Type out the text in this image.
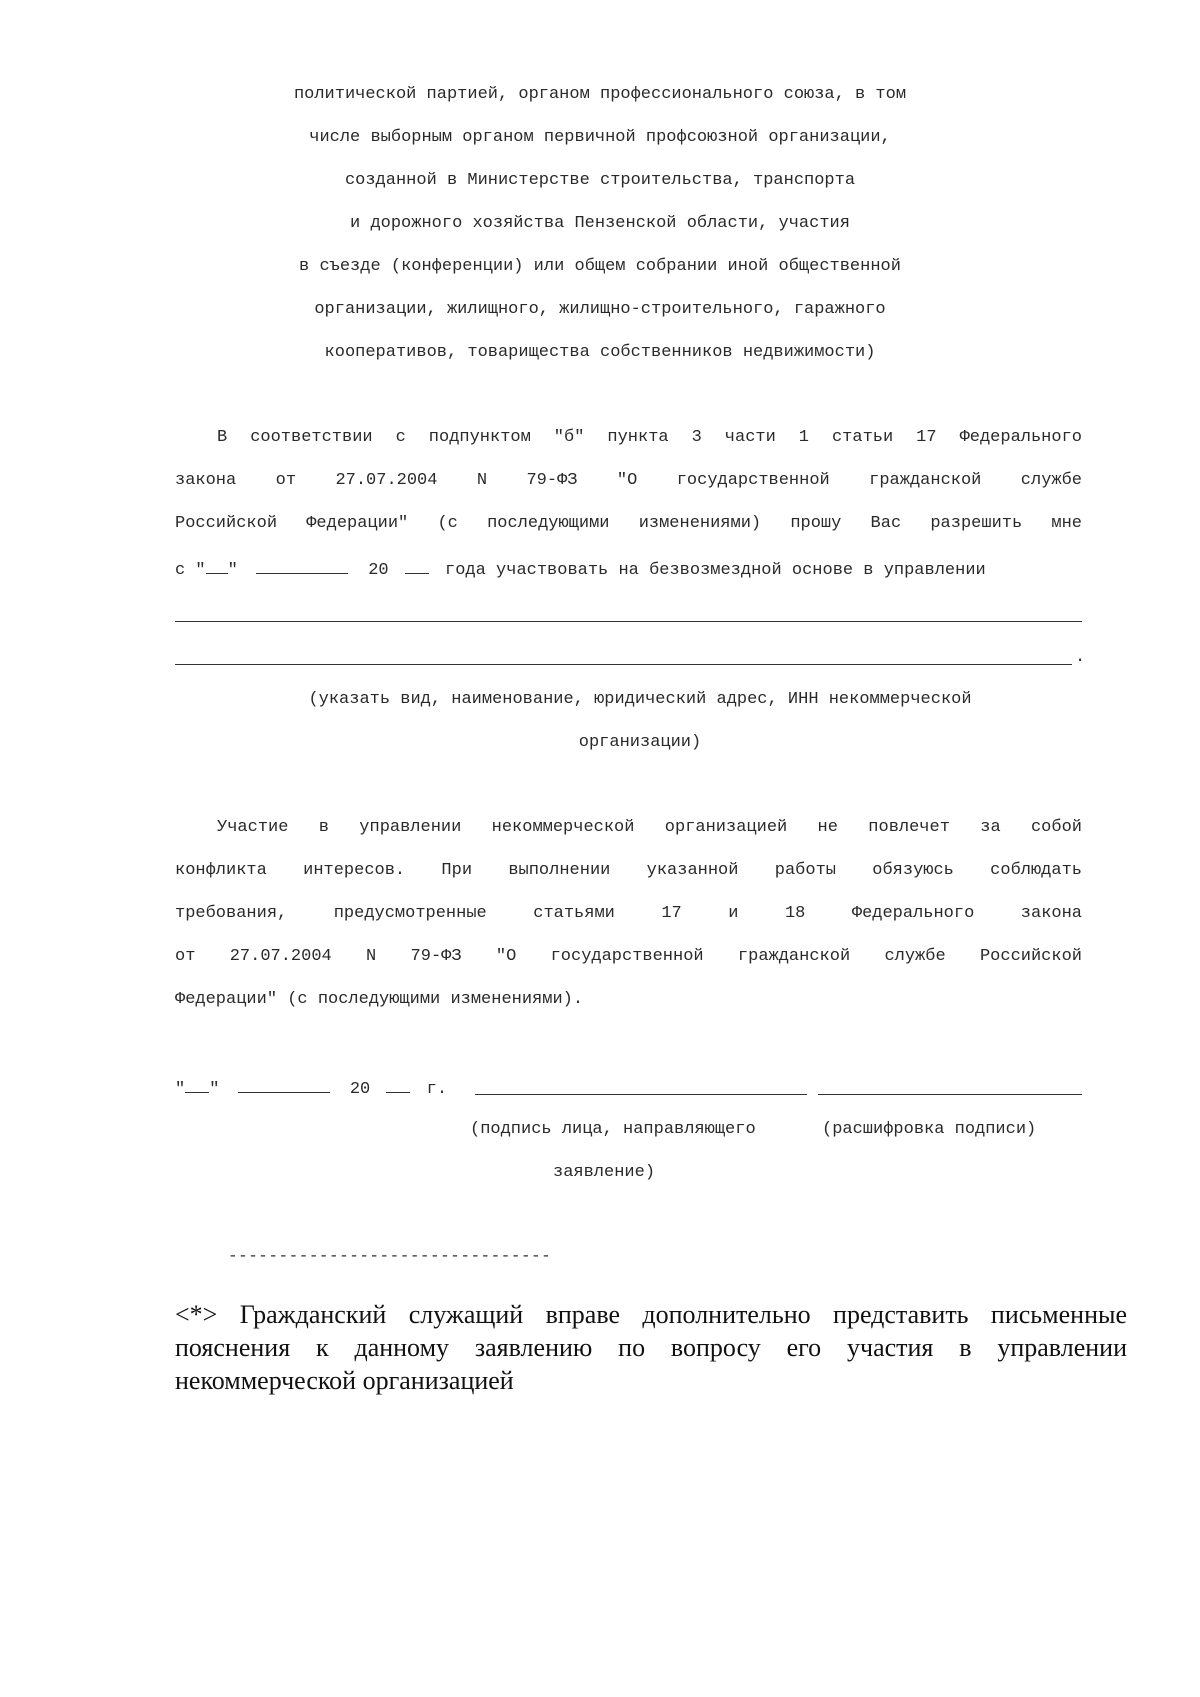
политической партией, органом профессионального союза, в том
числе выборным органом первичной профсоюзной организации,
созданной в Министерстве строительства, транспорта
и дорожного хозяйства Пензенской области, участия
в съезде (конференции) или общем собрании иной общественной
организации, жилищного, жилищно-строительного, гаражного
кооперативов, товарищества собственников недвижимости)
В соответствии с подпунктом "б" пункта 3 части 1 статьи 17 Федерального
закона от 27.07.2004 N 79-ФЗ "О государственной гражданской службе
Российской Федерации" (с последующими изменениями) прошу Вас разрешить мне
с " "	20	года участвовать на безвозмездной основе в управлении
.
(указать вид, наименование, юридический адрес, ИНН некоммерческой
организации)
Участие в управлении некоммерческой организацией не повлечет за собой
конфликта интересов. При выполнении указанной работы обязуюсь соблюдать
требования, предусмотренные статьями 17 и 18 Федерального закона
от 27.07.2004 N 79-ФЗ "О государственной гражданской службе Российской
Федерации" (с последующими изменениями).
" "	20	г.
(подпись лица, направляющего	(расшифровка подписи)
заявление)
--------------------------------
<*> Гражданский служащий вправе дополнительно представить письменные пояснения к данному заявлению по вопросу его участия в управлении некоммерческой организацией
